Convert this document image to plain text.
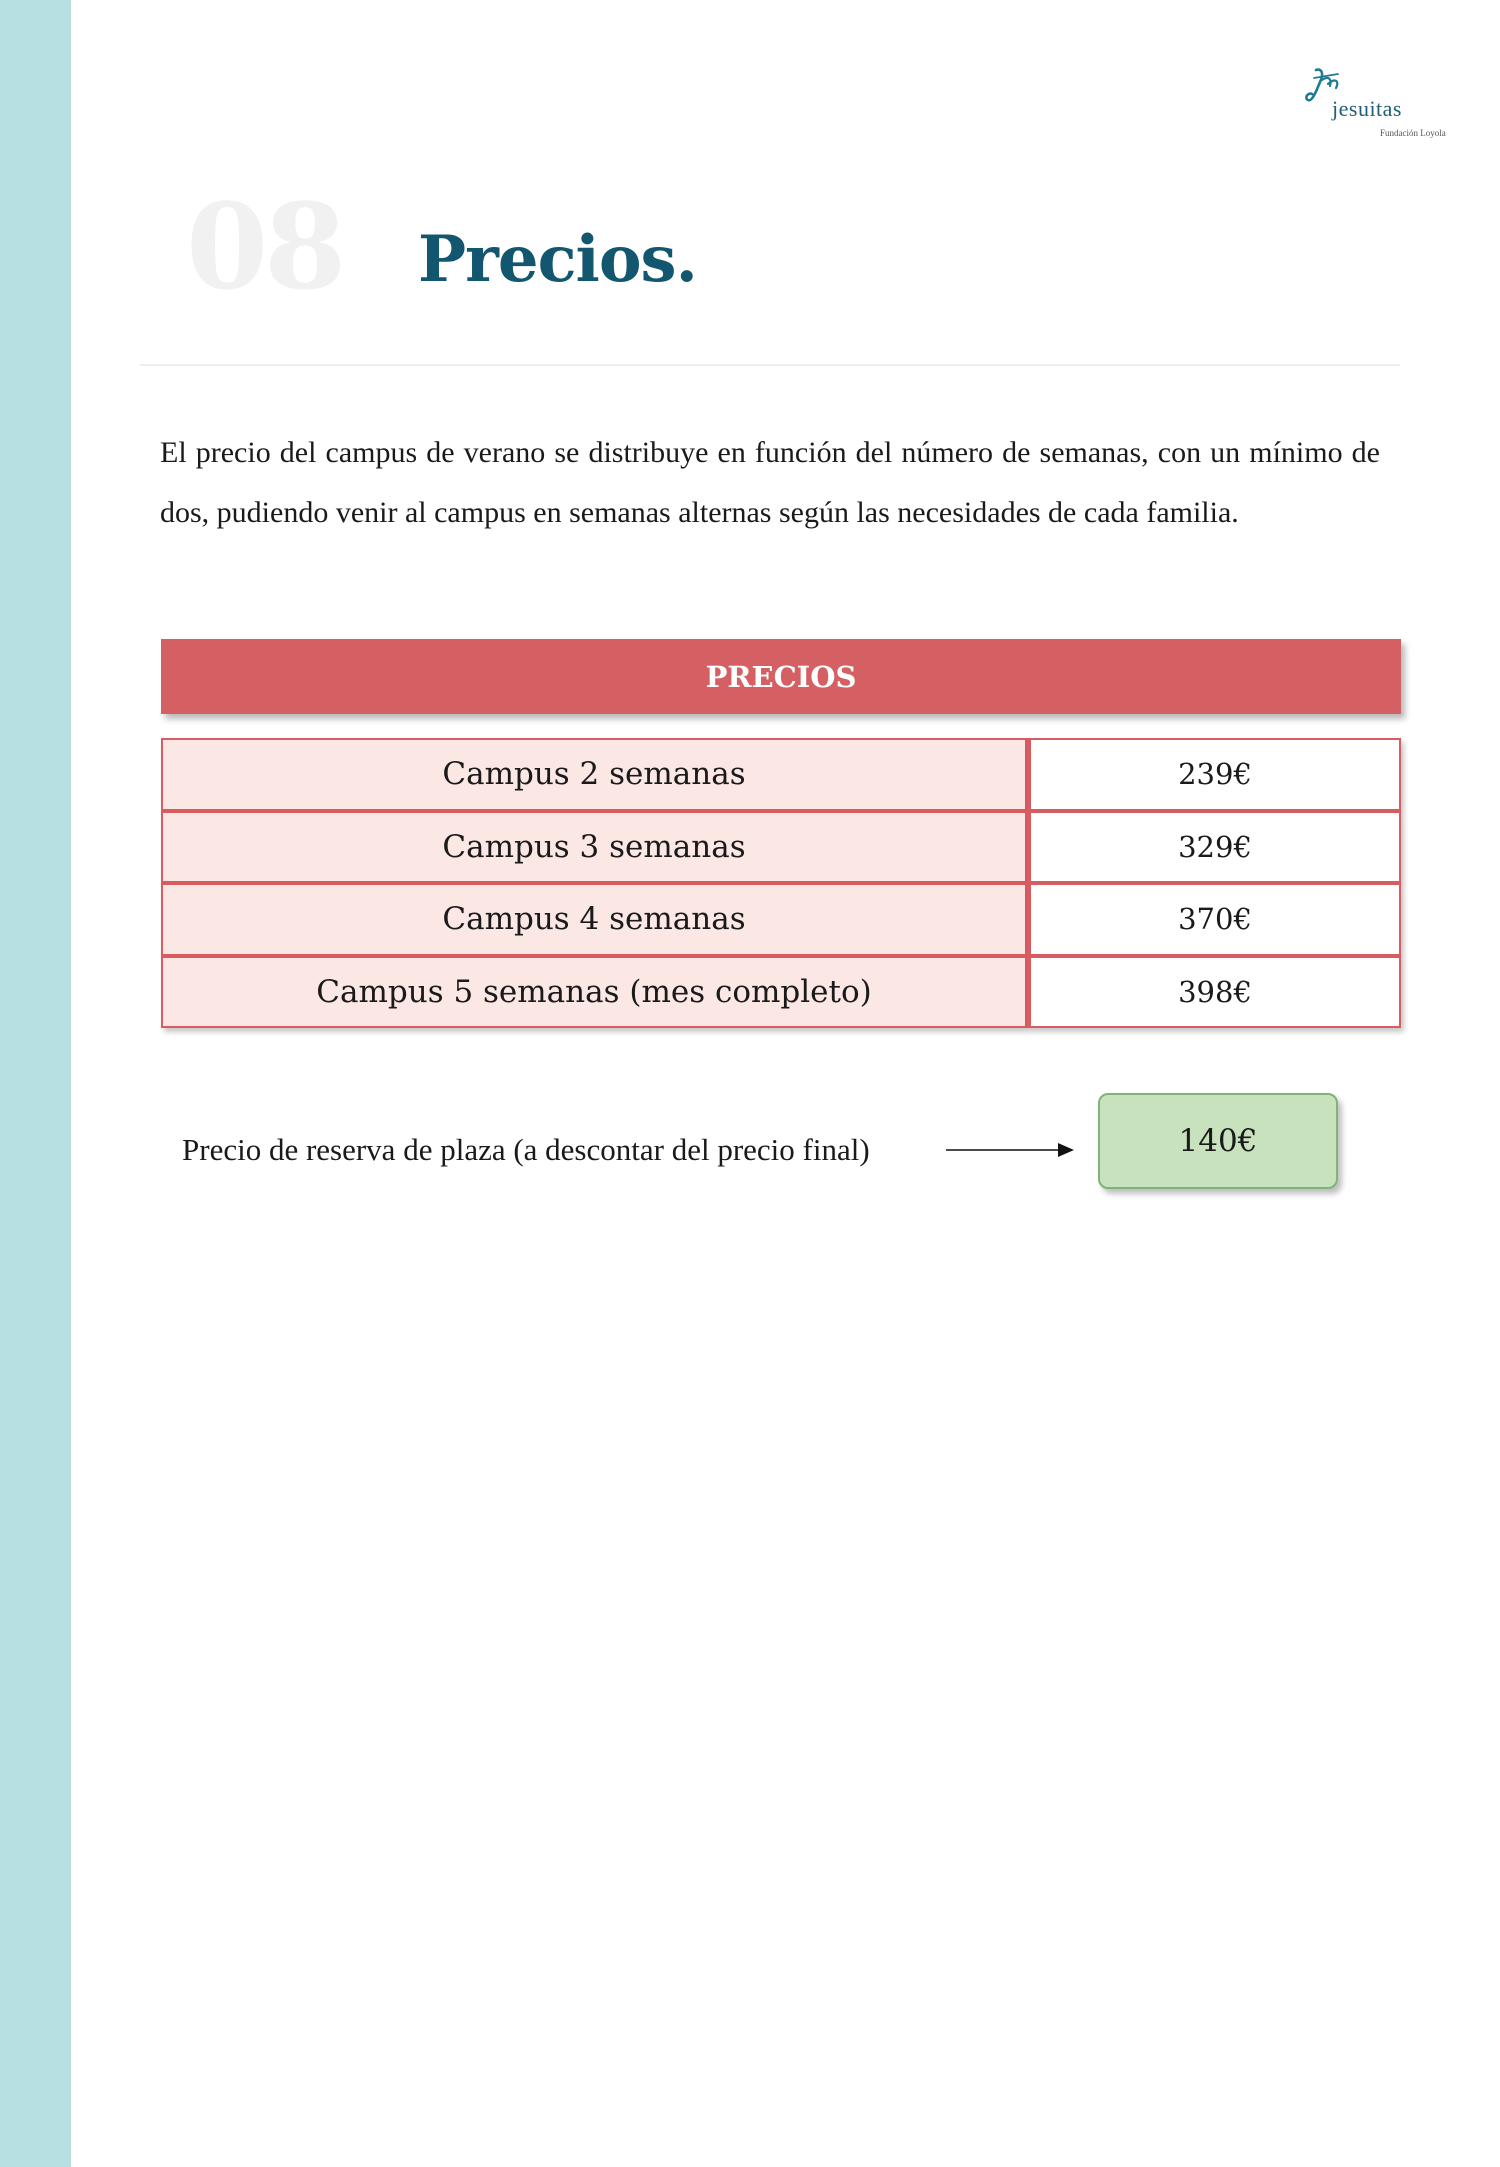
jesuitas
Fundación Loyola
08 Precios.

El precio del campus de verano se distribuye en función del número de semanas, con un mínimo de dos, pudiendo venir al campus en semanas alternas según las necesidades de cada familia.

PRECIOS
Campus 2 semanas	239€
Campus 3 semanas	329€
Campus 4 semanas	370€
Campus 5 semanas (mes completo)	398€
Precio de reserva de plaza (a descontar del precio final)	140€
